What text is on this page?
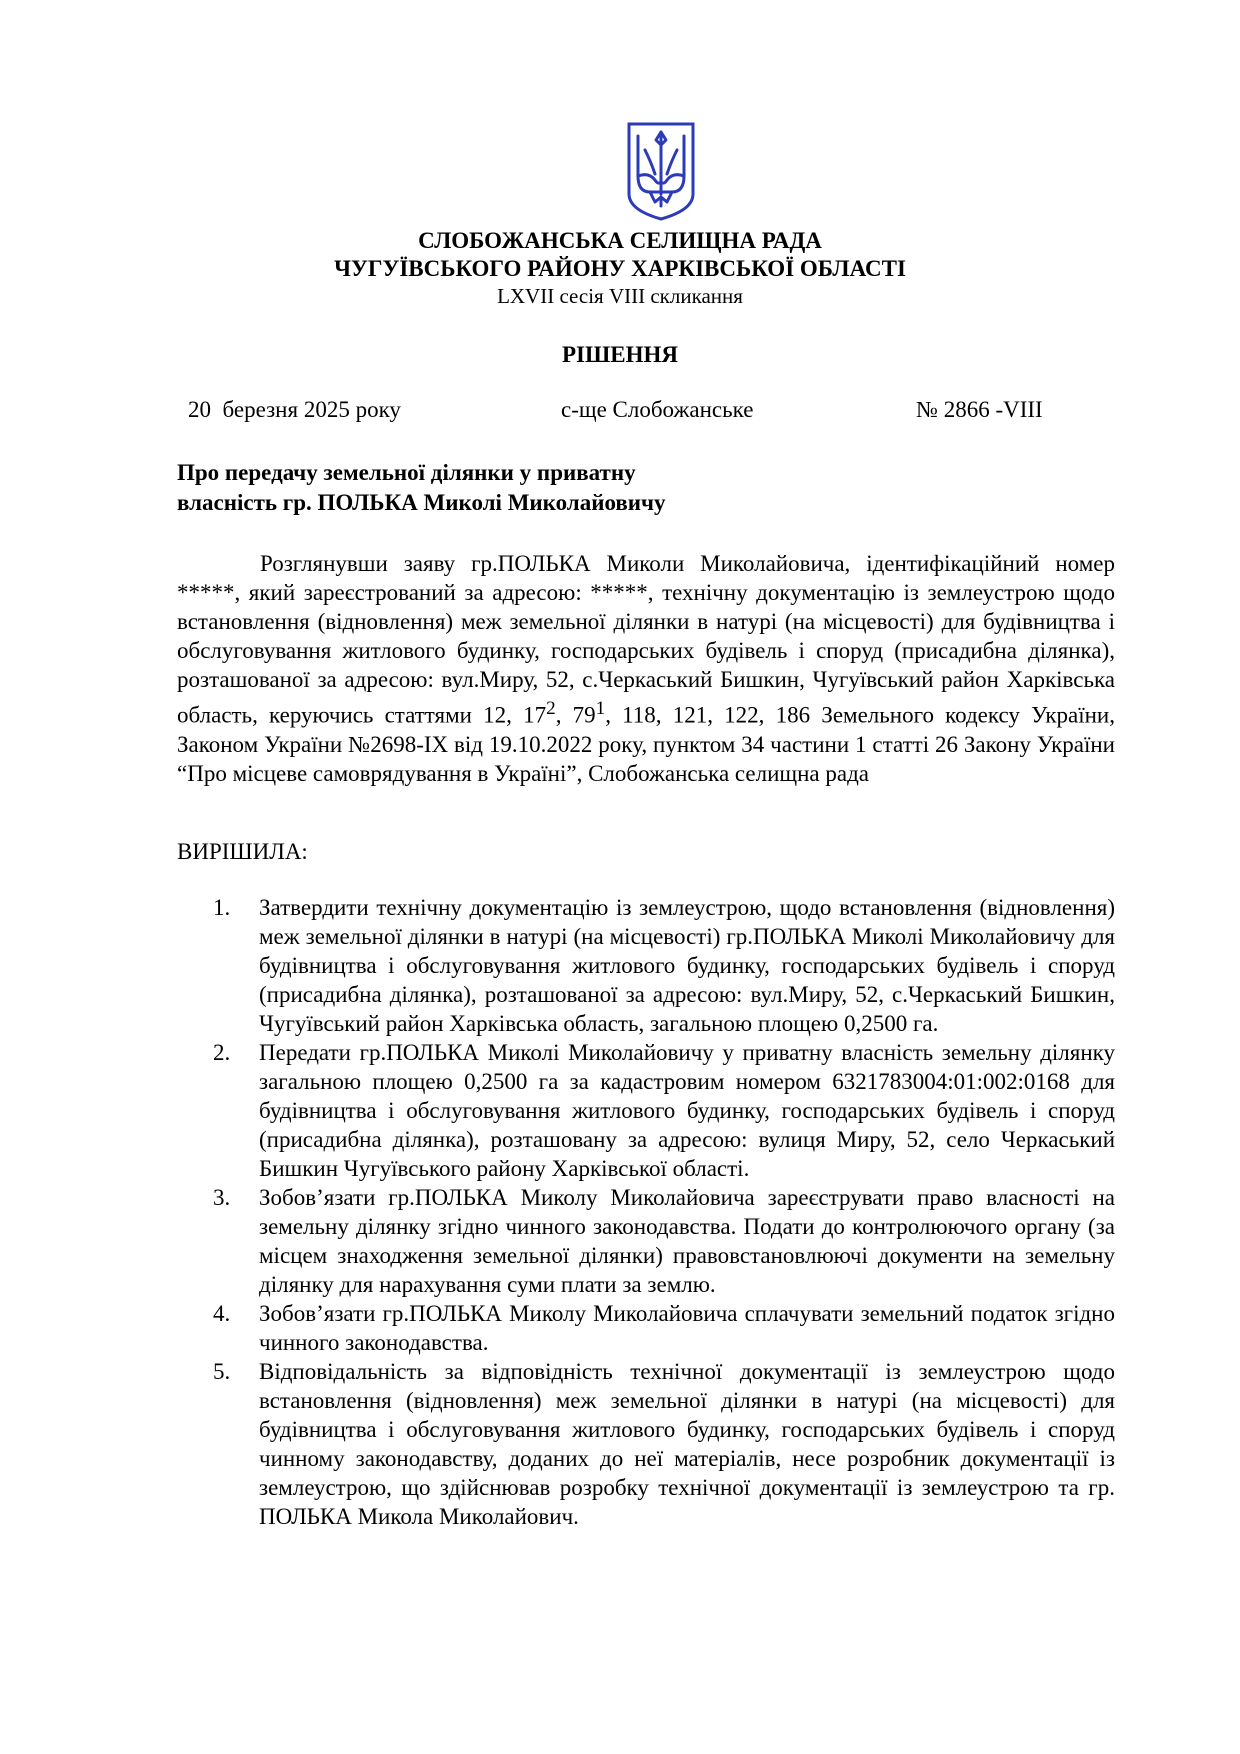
СЛОБОЖАНСЬКА СЕЛИЩНА РАДА
ЧУГУЇВСЬКОГО РАЙОНУ ХАРКІВСЬКОЇ ОБЛАСТІ
LXVII сесія VIII скликання
РІШЕННЯ
20  березня 2025 року	с-ще Слобожанське	№ 2866 -VIII
Про передачу земельної ділянки у приватну
власність гр. ПОЛЬКА Миколі Миколайовичу

Розглянувши заяву гр.ПОЛЬКА Миколи Миколайовича, ідентифікаційний номер *****, який зареєстрований за адресою: *****, технічну документацію із землеустрою щодо встановлення (відновлення) меж земельної ділянки в натурі (на місцевості) для будівництва і обслуговування житлового будинку, господарських будівель і споруд (присадибна ділянка), розташованої за адресою: вул.Миру, 52, с.Черкаський Бишкин, Чугуївський район Харківська область, керуючись статтями 12, $17^2$, $79^1$, 118, 121, 122, 186 Земельного кодексу України, Законом України №2698-IX від 19.10.2022 року, пунктом 34 частини 1 статті 26 Закону України “Про місцеве самоврядування в Україні”, Слобожанська селищна рада

ВИРІШИЛА:
1. Затвердити технічну документацію із землеустрою, щодо встановлення (відновлення) меж земельної ділянки в натурі (на місцевості) гр.ПОЛЬКА Миколі Миколайовичу для будівництва і обслуговування житлового будинку, господарських будівель і споруд (присадибна ділянка), розташованої за адресою: вул.Миру, 52, с.Черкаський Бишкин, Чугуївський район Харківська область, загальною площею 0,2500 га.
2. Передати гр.ПОЛЬКА Миколі Миколайовичу у приватну власність земельну ділянку загальною площею 0,2500 га за кадастровим номером 6321783004:01:002:0168 для будівництва і обслуговування житлового будинку, господарських будівель і споруд (присадибна ділянка), розташовану за адресою: вулиця Миру, 52, село Черкаський Бишкин Чугуївського району Харківської області.
3. Зобов’язати гр.ПОЛЬКА Миколу Миколайовича зареєструвати право власності на земельну ділянку згідно чинного законодавства. Подати до контролюючого органу (за місцем знаходження земельної ділянки) правовстановлюючі документи на земельну ділянку для нарахування суми плати за землю.
4. Зобов’язати гр.ПОЛЬКА Миколу Миколайовича сплачувати земельний податок згідно чинного законодавства.
5. Відповідальність за відповідність технічної документації із землеустрою щодо встановлення (відновлення) меж земельної ділянки в натурі (на місцевості) для будівництва і обслуговування житлового будинку, господарських будівель і споруд чинному законодавству, доданих до неї матеріалів, несе розробник документації із землеустрою, що здійснював розробку технічної документації із землеустрою та гр. ПОЛЬКА Микола Миколайович.
